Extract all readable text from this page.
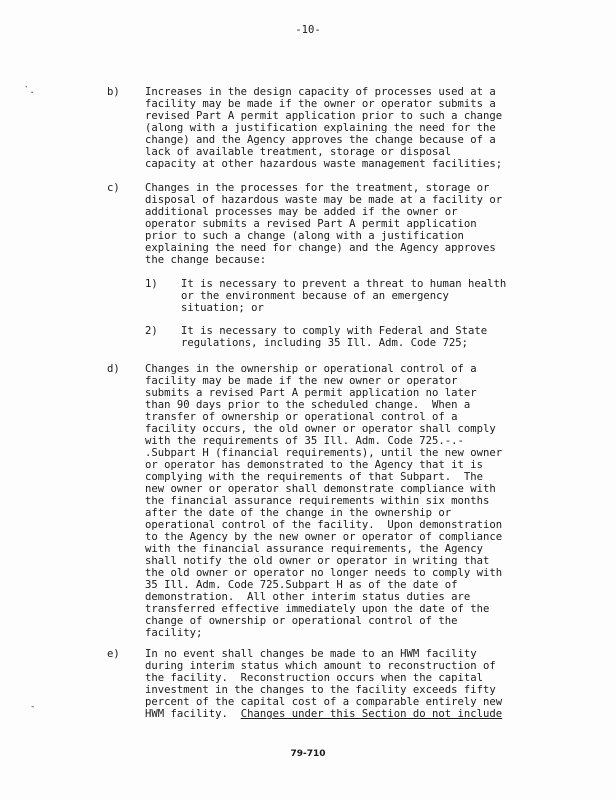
-10-
`.	b) Increases in the design capacity of processes used at a
facility may be made if the owner or operator submits a
revised Part A permit application prior to such a change
(along with a justification explaining the need for the
change) and the Agency approves the change because of a
lack of available treatment, storage or disposal
capacity at other hazardous waste management facilities;
c) Changes in the processes for the treatment, storage or
disposal of hazardous waste may be made at a facility or
additional processes may be added if the owner or
operator submits a revised Part A permit application
prior to such a change (along with a justification
explaining the need for change) and the Agency approves
the change because:
1) It is necessary to prevent a threat to human health
or the environment because of an emergency
situation; or
2) It is necessary to comply with Federal and State
regulations, including 35 Ill. Adm. Code 725;
d) Changes in the ownership or operational control of a
facility may be made if the new owner or operator
submits a revised Part A permit application no later
than 90 days prior to the scheduled change.  When a
transfer of ownership or operational control of a
facility occurs, the old owner or operator shall comply
with the requirements of 35 Ill. Adm. Code 725.-.-
.Subpart H (financial requirements), until the new owner
or operator has demonstrated to the Agency that it is
complying with the requirements of that Subpart.  The
new owner or operator shall demonstrate compliance with
the financial assurance requirements within six months
after the date of the change in the ownership or
operational control of the facility.  Upon demonstration
to the Agency by the new owner or operator of compliance
with the financial assurance requirements, the Agency
shall notify the old owner or operator in writing that
the old owner or operator no longer needs to comply with
35 Ill. Adm. Code 725.Subpart H as of the date of
demonstration.  All other interim status duties are
transferred effective immediately upon the date of the
change of ownership or operational control of the
facility;
e) In no event shall changes be made to an HWM facility
during interim status which amount to reconstruction of
the facility.  Reconstruction occurs when the capital
investment in the changes to the facility exceeds fifty
percent of the capital cost of a comparable entirely new
HWM facility. Changes under this Section do not include
-
79-710
